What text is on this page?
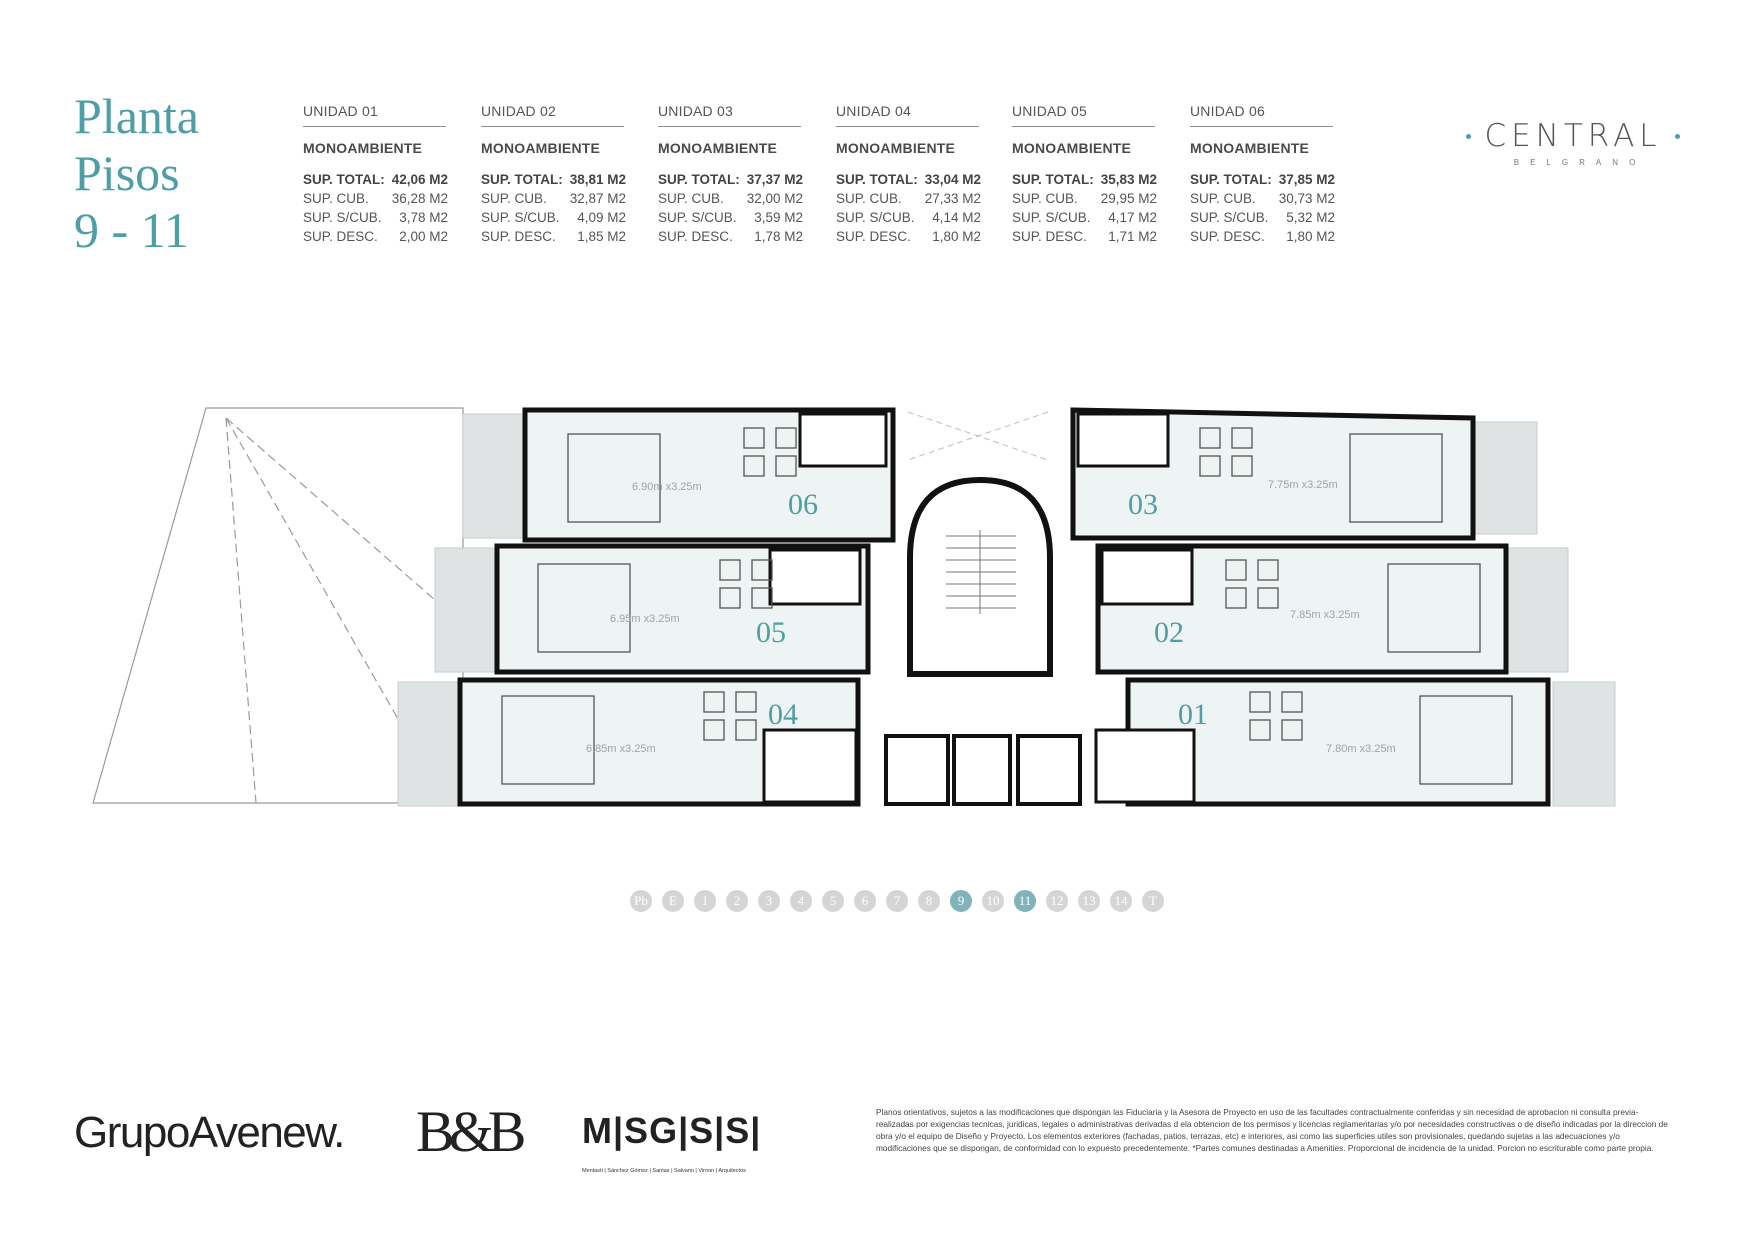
Planta
Pisos
9 - 11
UNIDAD 01
MONOAMBIENTE
SUP. TOTAL: 42,06 M2
SUP. CUB. 36,28 M2
SUP. S/CUB. 3,78 M2
SUP. DESC. 2,00 M2
UNIDAD 02
MONOAMBIENTE
SUP. TOTAL: 38,81 M2
SUP. CUB. 32,87 M2
SUP. S/CUB. 4,09 M2
SUP. DESC. 1,85 M2
UNIDAD 03
MONOAMBIENTE
SUP. TOTAL: 37,37 M2
SUP. CUB. 32,00 M2
SUP. S/CUB. 3,59 M2
SUP. DESC. 1,78 M2
UNIDAD 04
MONOAMBIENTE
SUP. TOTAL: 33,04 M2
SUP. CUB. 27,33 M2
SUP. S/CUB. 4,14 M2
SUP. DESC. 1,80 M2
UNIDAD 05
MONOAMBIENTE
SUP. TOTAL: 35,83 M2
SUP. CUB. 29,95 M2
SUP. S/CUB. 4,17 M2
SUP. DESC. 1,71 M2
UNIDAD 06
MONOAMBIENTE
SUP. TOTAL: 37,85 M2
SUP. CUB. 30,73 M2
SUP. S/CUB. 5,32 M2
SUP. DESC. 1,80 M2
CENTRAL
BELGRANO
06
05
04
03
02
01
6.90m x3.25m
6.95m x3.25m
6.85m x3.25m
7.75m x3.25m
7.85m x3.25m
7.80m x3.25m
Pb	E	1	2	3	4	5	6	7	8	9	10	11	12	13	14	T
GrupoAvenew. B&B M|SG|S|S|
Mentasti | Sánchez Gómez | Santas | Salvano | Viroon | Arquitectos
Planos orientativos, sujetos a las modificaciones que dispongan las Fiduciaria y la Asesora de Proyecto en uso de las facultades contractualmente conferidas y sin necesidad de aprobacion ni consulta previa- realizadas por exigencias tecnicas, juridicas, legales o administrativas derivadas d ela obtencion de los permisos y licencias reglamentarias y/o por necesidades constructivas o de diseño indicadas por la direccion de obra y/o el equipo de Diseño y Proyecto. Los elementos exteriores (fachadas, patios, terrazas, etc) e interiores, asi como las superficies utiles son provisionales, quedando sujetas a las adecuaciones y/o modificaciones que se dispongan, de conformidad con lo expuesto precedentemente. *Partes comunes destinadas a Amenities. Proporcional de incidencia de la unidad. Porcion no escriturable como parte propia.
